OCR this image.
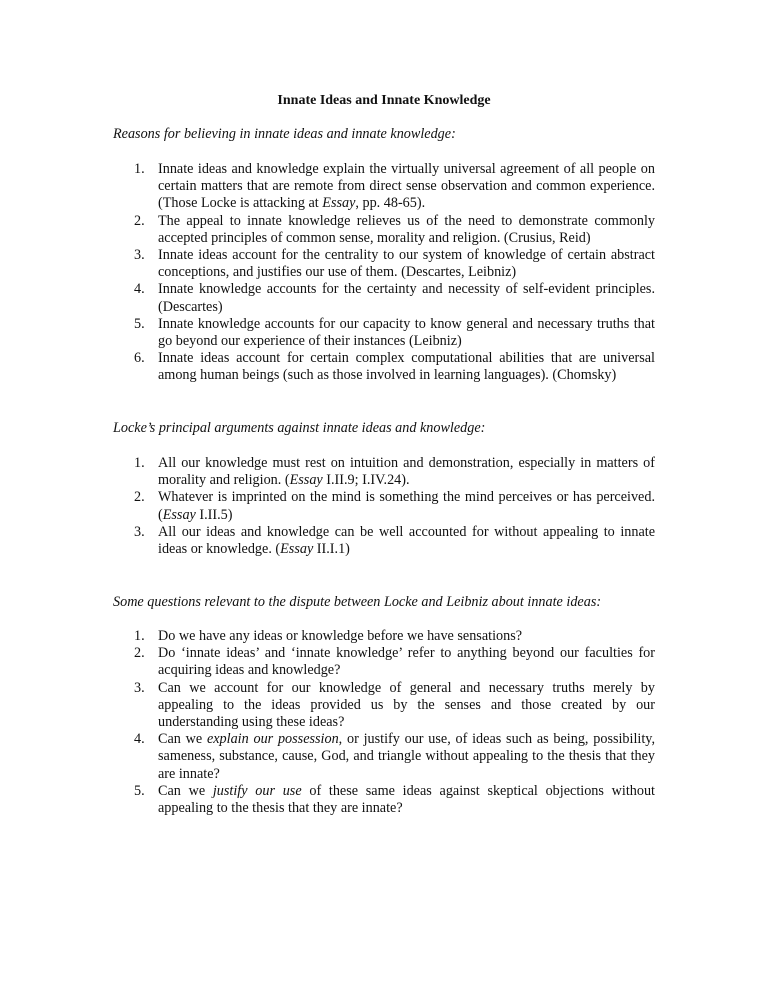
Innate Ideas and Innate Knowledge
Reasons for believing in innate ideas and innate knowledge:
1. Innate ideas and knowledge explain the virtually universal agreement of all people on certain matters that are remote from direct sense observation and common experience. (Those Locke is attacking at Essay, pp. 48-65).
2. The appeal to innate knowledge relieves us of the need to demonstrate commonly accepted principles of common sense, morality and religion. (Crusius, Reid)
3. Innate ideas account for the centrality to our system of knowledge of certain abstract conceptions, and justifies our use of them. (Descartes, Leibniz)
4. Innate knowledge accounts for the certainty and necessity of self-evident principles. (Descartes)
5. Innate knowledge accounts for our capacity to know general and necessary truths that go beyond our experience of their instances (Leibniz)
6. Innate ideas account for certain complex computational abilities that are universal among human beings (such as those involved in learning languages). (Chomsky)
Locke’s principal arguments against innate ideas and knowledge:
1. All our knowledge must rest on intuition and demonstration, especially in matters of morality and religion. (Essay I.II.9; I.IV.24).
2. Whatever is imprinted on the mind is something the mind perceives or has perceived. (Essay I.II.5)
3. All our ideas and knowledge can be well accounted for without appealing to innate ideas or knowledge. (Essay II.I.1)
Some questions relevant to the dispute between Locke and Leibniz about innate ideas:
1. Do we have any ideas or knowledge before we have sensations?
2. Do ‘innate ideas’ and ‘innate knowledge’ refer to anything beyond our faculties for acquiring ideas and knowledge?
3. Can we account for our knowledge of general and necessary truths merely by appealing to the ideas provided us by the senses and those created by our understanding using these ideas?
4. Can we explain our possession, or justify our use, of ideas such as being, possibility, sameness, substance, cause, God, and triangle without appealing to the thesis that they are innate?
5. Can we justify our use of these same ideas against skeptical objections without appealing to the thesis that they are innate?
